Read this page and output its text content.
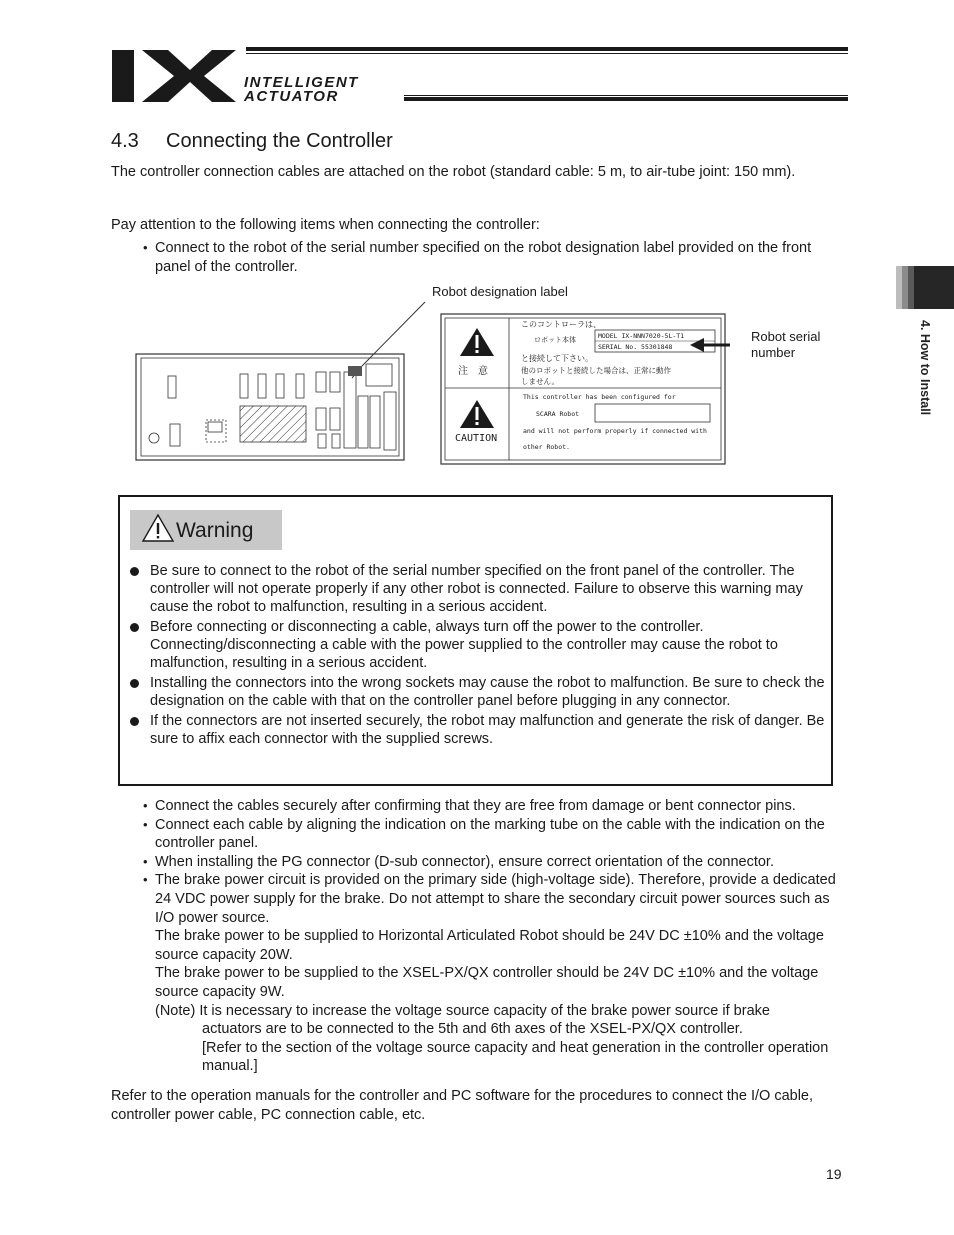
INTELLIGENT
ACTUATOR
4. How to Install
4.3 Connecting the Controller

The controller connection cables are attached on the robot (standard cable: 5 m, to air-tube joint: 150 mm).

Pay attention to the following items when connecting the controller:

• Connect to the robot of the serial number specified on the robot designation label provided on the front panel of the controller.
Robot designation label
Robot serial number
このコントローラは、
ロボット本体	MODEL IX-NNN7020-5L-T1
SERIAL No. 55301848
と接続して下さい。
他のロボットと接続した場合は、正常に動作
しません。
注　意
This controller has been configured for
SCARA Robot
and will not perform properly if connected with
other Robot.
CAUTION
Warning
Be sure to connect to the robot of the serial number specified on the front panel of the controller. The controller will not operate properly if any other robot is connected. Failure to observe this warning may cause the robot to malfunction, resulting in a serious accident.
Before connecting or disconnecting a cable, always turn off the power to the controller. Connecting/disconnecting a cable with the power supplied to the controller may cause the robot to malfunction, resulting in a serious accident.
Installing the connectors into the wrong sockets may cause the robot to malfunction. Be sure to check the designation on the cable with that on the controller panel before plugging in any connector.
If the connectors are not inserted securely, the robot may malfunction and generate the risk of danger. Be sure to affix each connector with the supplied screws.
• Connect the cables securely after confirming that they are free from damage or bent connector pins.
• Connect each cable by aligning the indication on the marking tube on the cable with the indication on the controller panel.
• When installing the PG connector (D-sub connector), ensure correct orientation of the connector.
• The brake power circuit is provided on the primary side (high-voltage side). Therefore, provide a dedicated 24 VDC power supply for the brake. Do not attempt to share the secondary circuit power sources such as I/O power source.
The brake power to be supplied to Horizontal Articulated Robot should be 24V DC ±10% and the voltage source capacity 20W.
The brake power to be supplied to the XSEL-PX/QX controller should be 24V DC ±10% and the voltage source capacity 9W.
(Note) It is necessary to increase the voltage source capacity of the brake power source if brake
actuators are to be connected to the 5th and 6th axes of the XSEL-PX/QX controller.
[Refer to the section of the voltage source capacity and heat generation in the controller operation manual.]

Refer to the operation manuals for the controller and PC software for the procedures to connect the I/O cable, controller power cable, PC connection cable, etc.

19
